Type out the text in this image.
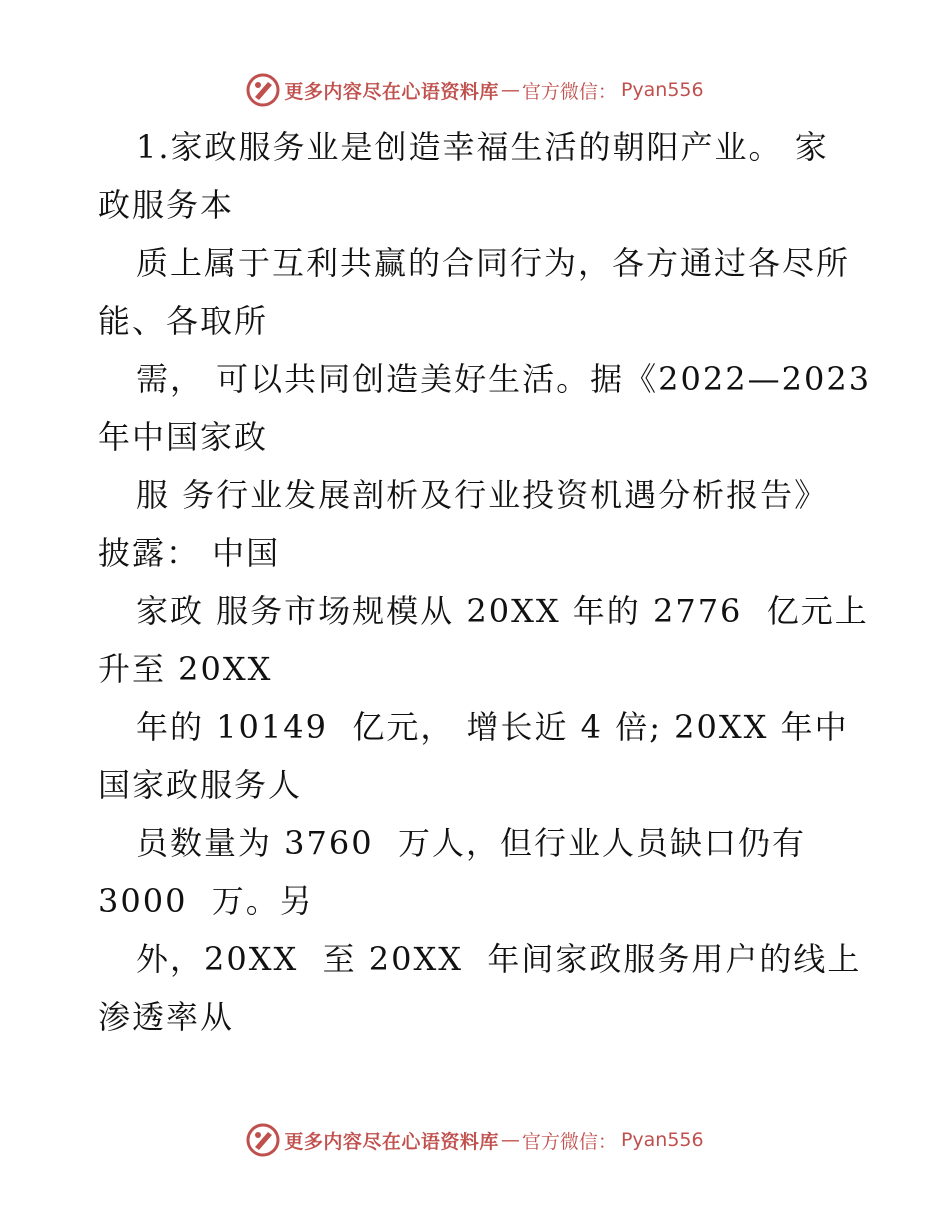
更多内容尽在心语资料库 — 官方微信： Pyan556
1.家政服务业是创造幸福生活的朝阳产业。 家
政服务本
质上属于互利共赢的合同行为，各方通过各尽所
能、各取所
需， 可以共同创造美好生活。据《2022—2023
年中国家政
服 务行业发展剖析及行业投资机遇分析报告》
披露： 中国
家政 服务市场规模从 20XX 年的 2776  亿元上
升至 20XX
年的 10149  亿元， 增长近 4 倍; 20XX 年中
国家政服务人
员数量为 3760  万人，但行业人员缺口仍有
3000  万。另
外，20XX  至 20XX  年间家政服务用户的线上
渗透率从
更多内容尽在心语资料库 — 官方微信： Pyan556
